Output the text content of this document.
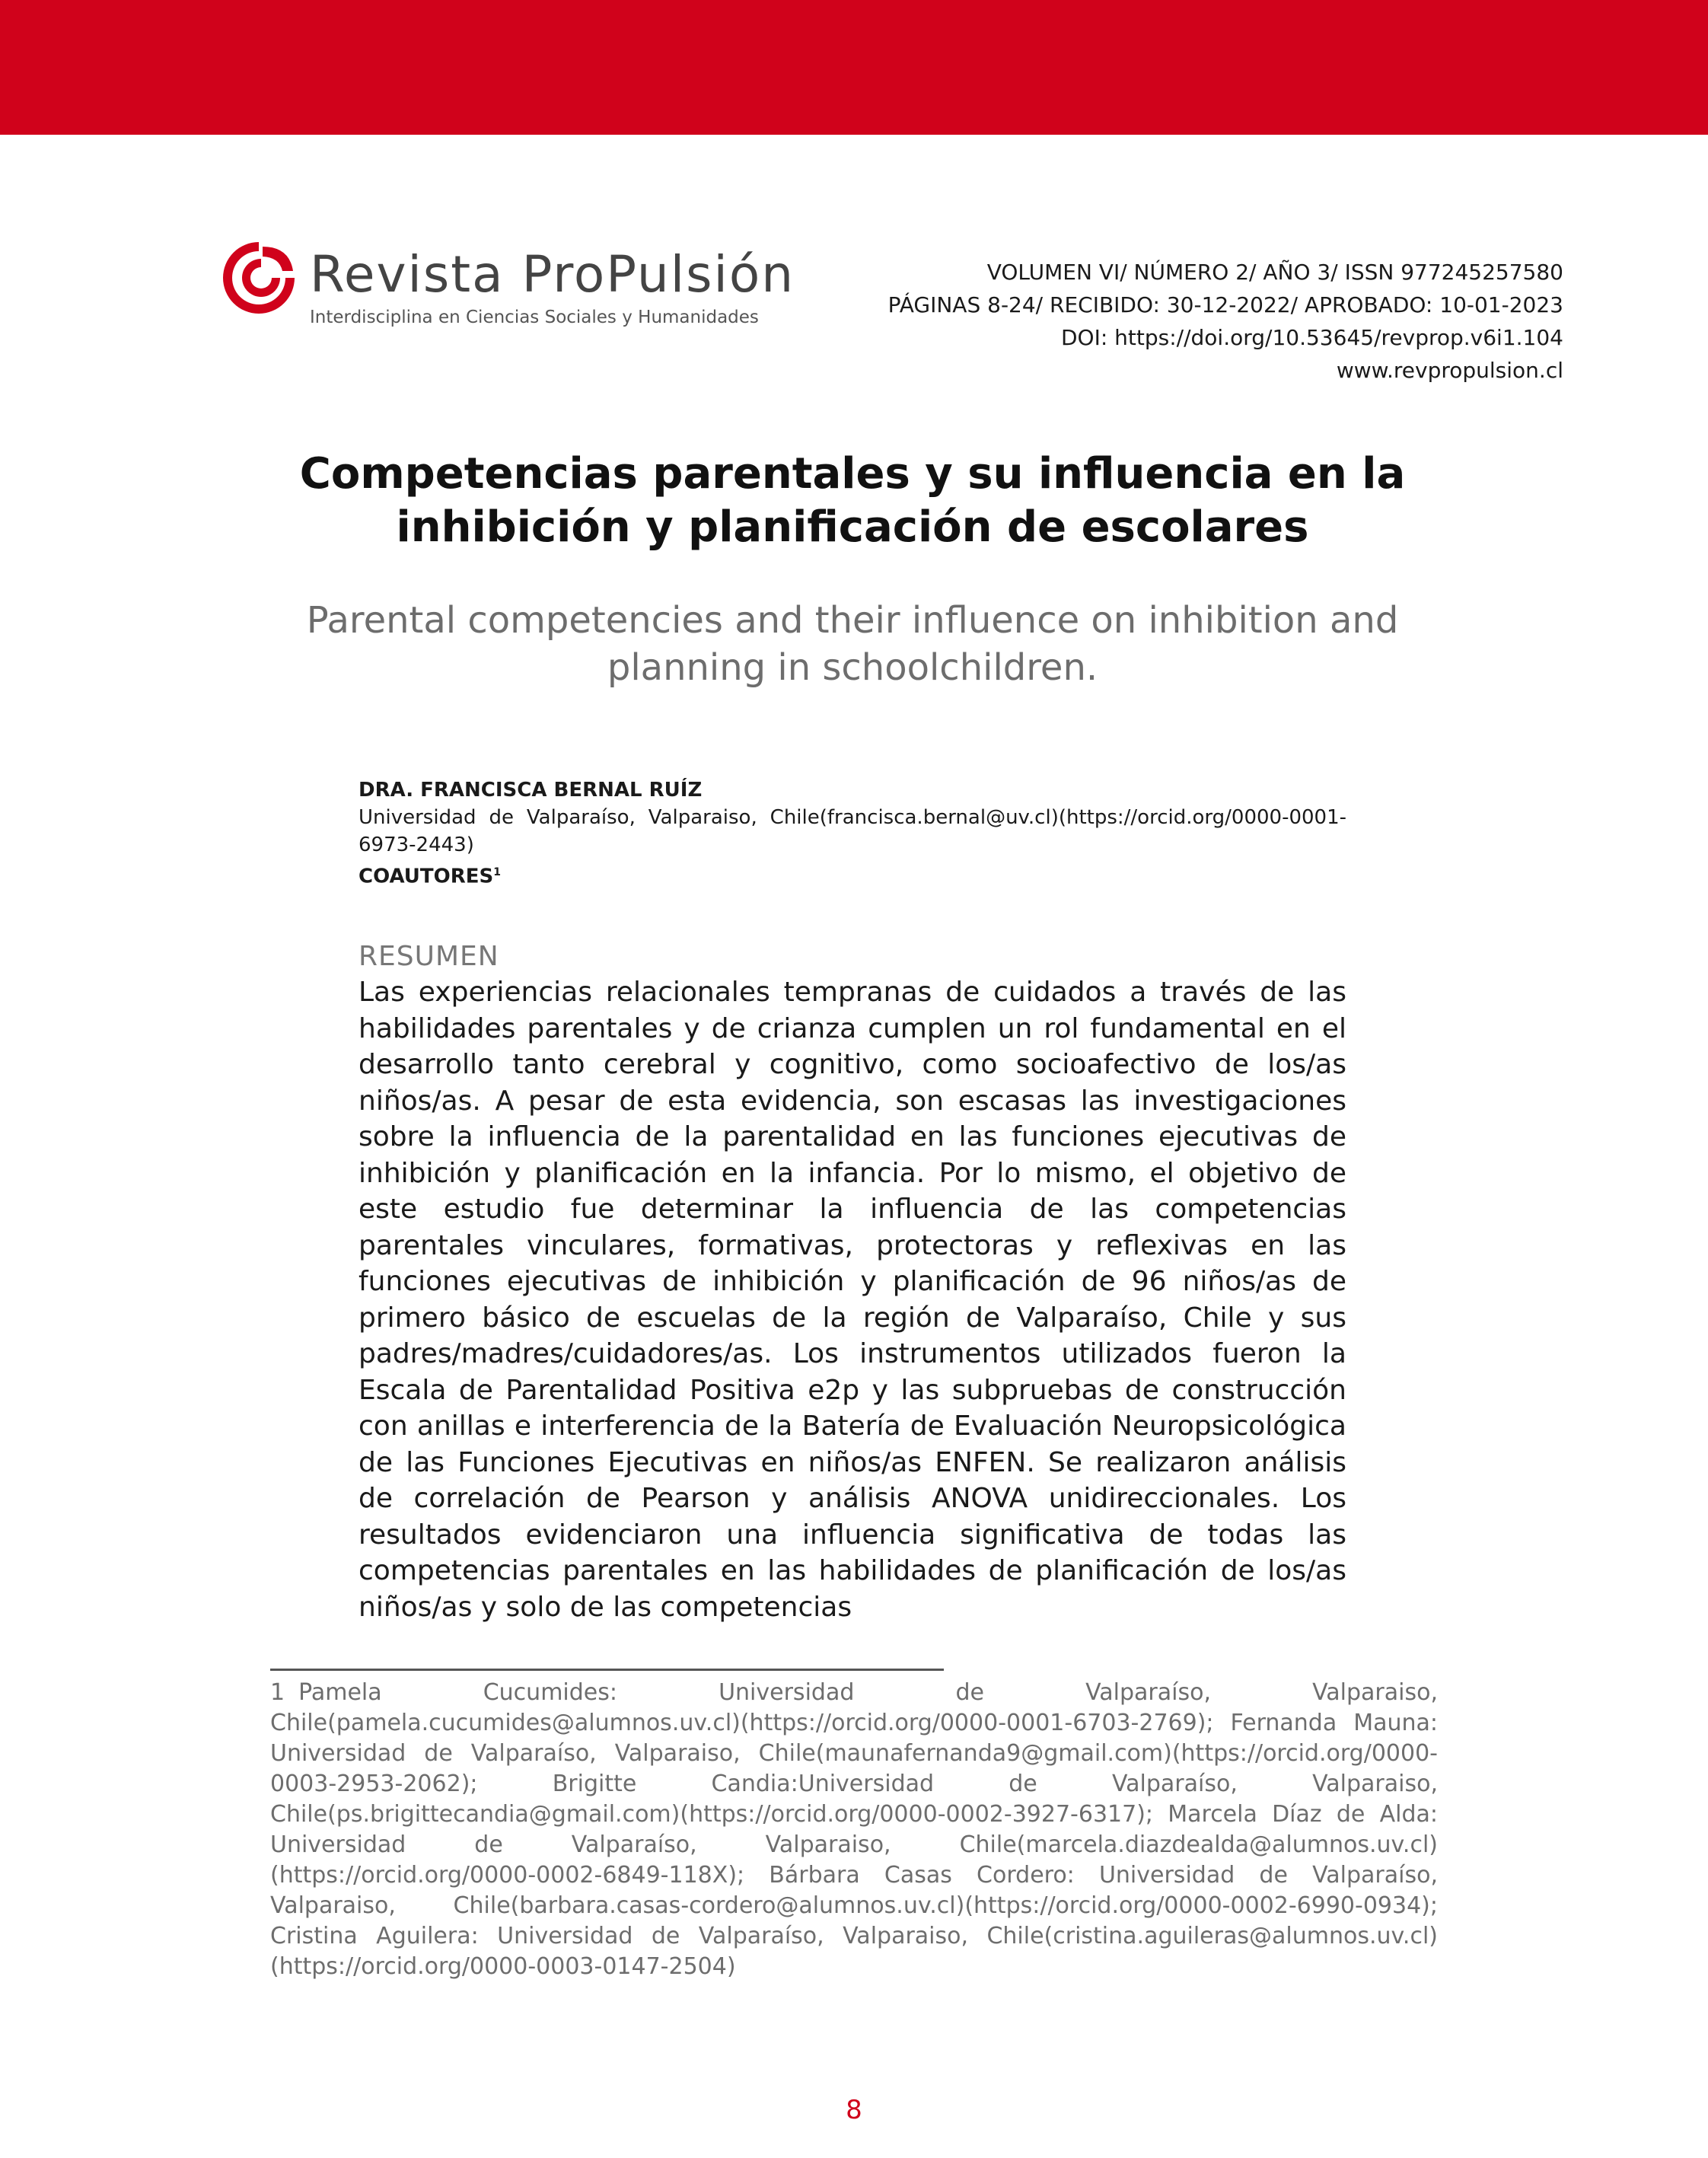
Revista ProPulsión
Interdisciplina en Ciencias Sociales y Humanidades
VOLUMEN VI/ NÚMERO 2/ AÑO 3/ ISSN 977245257580
PÁGINAS 8-24/ RECIBIDO: 30-12-2022/ APROBADO: 10-01-2023
DOI: https://doi.org/10.53645/revprop.v6i1.104
www.revpropulsion.cl
Competencias parentales y su influencia en la
inhibición y planificación de escolares
Parental competencies and their influence on inhibition and
planning in schoolchildren.
DRA. FRANCISCA BERNAL RUÍZ
Universidad de Valparaíso, Valparaiso, Chile(francisca.bernal@uv.cl)(https://orcid.org/0000-0001-6973-2443)
COAUTORES$^1$
RESUMEN
Las experiencias relacionales tempranas de cuidados a través de las habilidades parentales y de crianza cumplen un rol fundamental en el desarrollo tanto cerebral y cognitivo, como socioafectivo de los/as niños/as. A pesar de esta evidencia, son escasas las investigaciones sobre la influencia de la parentalidad en las funciones ejecutivas de inhibición y planificación en la infancia. Por lo mismo, el objetivo de este estudio fue determinar la influencia de las competencias parentales vinculares, formativas, protectoras y reflexivas en las funciones ejecutivas de inhibición y planificación de 96 niños/as de primero básico de escuelas de la región de Valparaíso, Chile y sus padres/madres/cuidadores/as. Los instrumentos utilizados fueron la Escala de Parentalidad Positiva e2p y las subpruebas de construcción con anillas e interferencia de la Batería de Evaluación Neuropsicológica de las Funciones Ejecutivas en niños/as ENFEN. Se realizaron análisis de correlación de Pearson y análisis ANOVA unidireccionales. Los resultados evidenciaron una influencia significativa de todas las competencias parentales en las habilidades de planificación de los/as niños/as y solo de las competencias
1 Pamela Cucumides: Universidad de Valparaíso, Valparaiso, Chile(pamela.cucumides@alumnos.uv.cl)(https://orcid.org/0000-0001-6703-2769); Fernanda Mauna: Universidad de Valparaíso, Valparaiso, Chile(maunafernanda9@gmail.com)(https://orcid.org/0000-0003-2953-2062); Brigitte Candia:Universidad de Valparaíso, Valparaiso, Chile(ps.brigittecandia@gmail.com)(https://orcid.org/0000-0002-3927-6317); Marcela Díaz de Alda: Universidad de Valparaíso, Valparaiso, Chile(marcela.diazdealda@alumnos.uv.cl)(https://orcid.org/0000-0002-6849-118X); Bárbara Casas Cordero: Universidad de Valparaíso, Valparaiso, Chile(barbara.casas-cordero@alumnos.uv.cl)(https://orcid.org/0000-0002-6990-0934); Cristina Aguilera: Universidad de Valparaíso, Valparaiso, Chile(cristina.aguileras@alumnos.uv.cl)(https://orcid.org/0000-0003-0147-2504)
8
